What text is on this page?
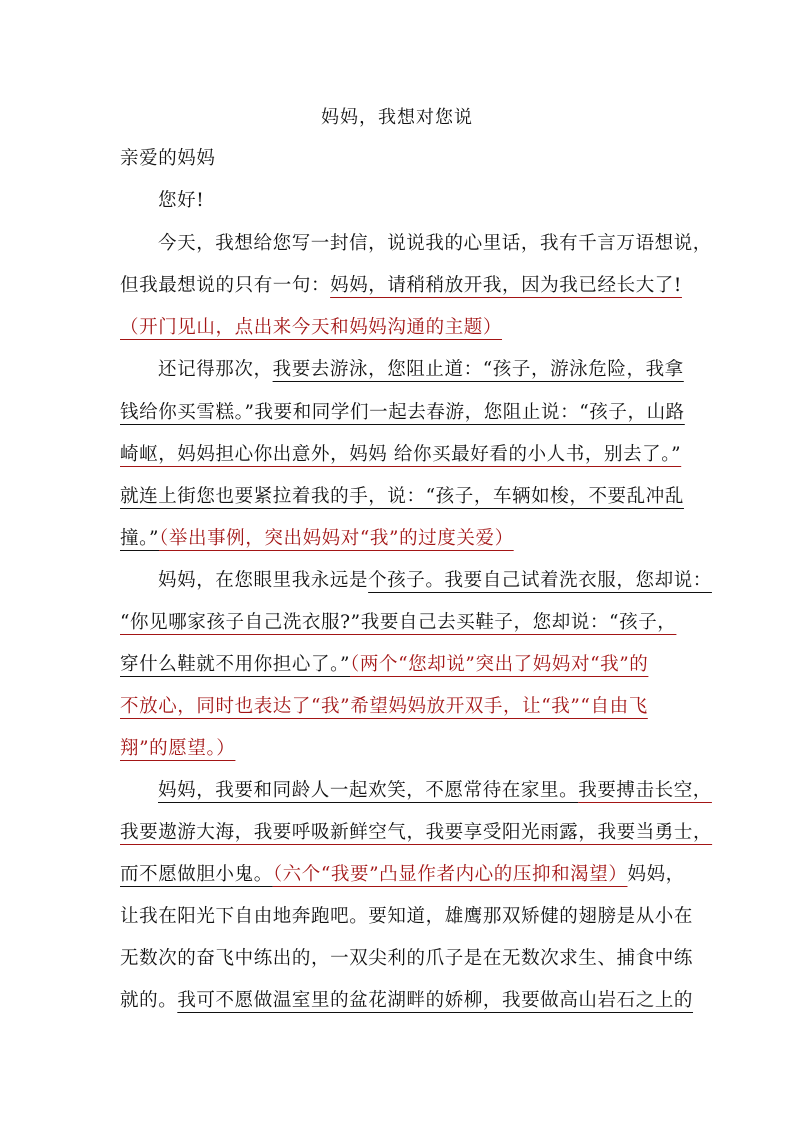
妈妈，我想对您说
亲爱的妈妈
您好!
今天，我想给您写一封信，说说我的心里话，我有千言万语想说，
但我最想说的只有一句：妈妈，请稍稍放开我，因为我已经长大了!
（开门见山，点出来今天和妈妈沟通的主题）
还记得那次，我要去游泳，您阻止道：“孩子，游泳危险，我拿
钱给你买雪糕。”我要和同学们一起去春游，您阻止说：“孩子，山路
崎岖，妈妈担心你出意外，妈妈 给你买最好看的小人书，别去了。”
就连上街您也要紧拉着我的手，说：“孩子，车辆如梭，不要乱冲乱
撞。”（举出事例，突出妈妈对“我”的过度关爱）
妈妈，在您眼里我永远是个孩子。我要自己试着洗衣服，您却说：
“你见哪家孩子自己洗衣服?”我要自己去买鞋子，您却说：“孩子，
穿什么鞋就不用你担心了。”（两个“您却说”突出了妈妈对“我”的
不放心，同时也表达了“我”希望妈妈放开双手，让“我”“自由飞
翔”的愿望。）
妈妈，我要和同龄人一起欢笑，不愿常待在家里。我要搏击长空，
我要遨游大海，我要呼吸新鲜空气，我要享受阳光雨露，我要当勇士，
而不愿做胆小鬼。（六个“我要”凸显作者内心的压抑和渴望）妈妈，
让我在阳光下自由地奔跑吧。要知道，雄鹰那双矫健的翅膀是从小在
无数次的奋飞中练出的，一双尖利的爪子是在无数次求生、捕食中练
就的。我可不愿做温室里的盆花湖畔的娇柳，我要做高山岩石之上的
